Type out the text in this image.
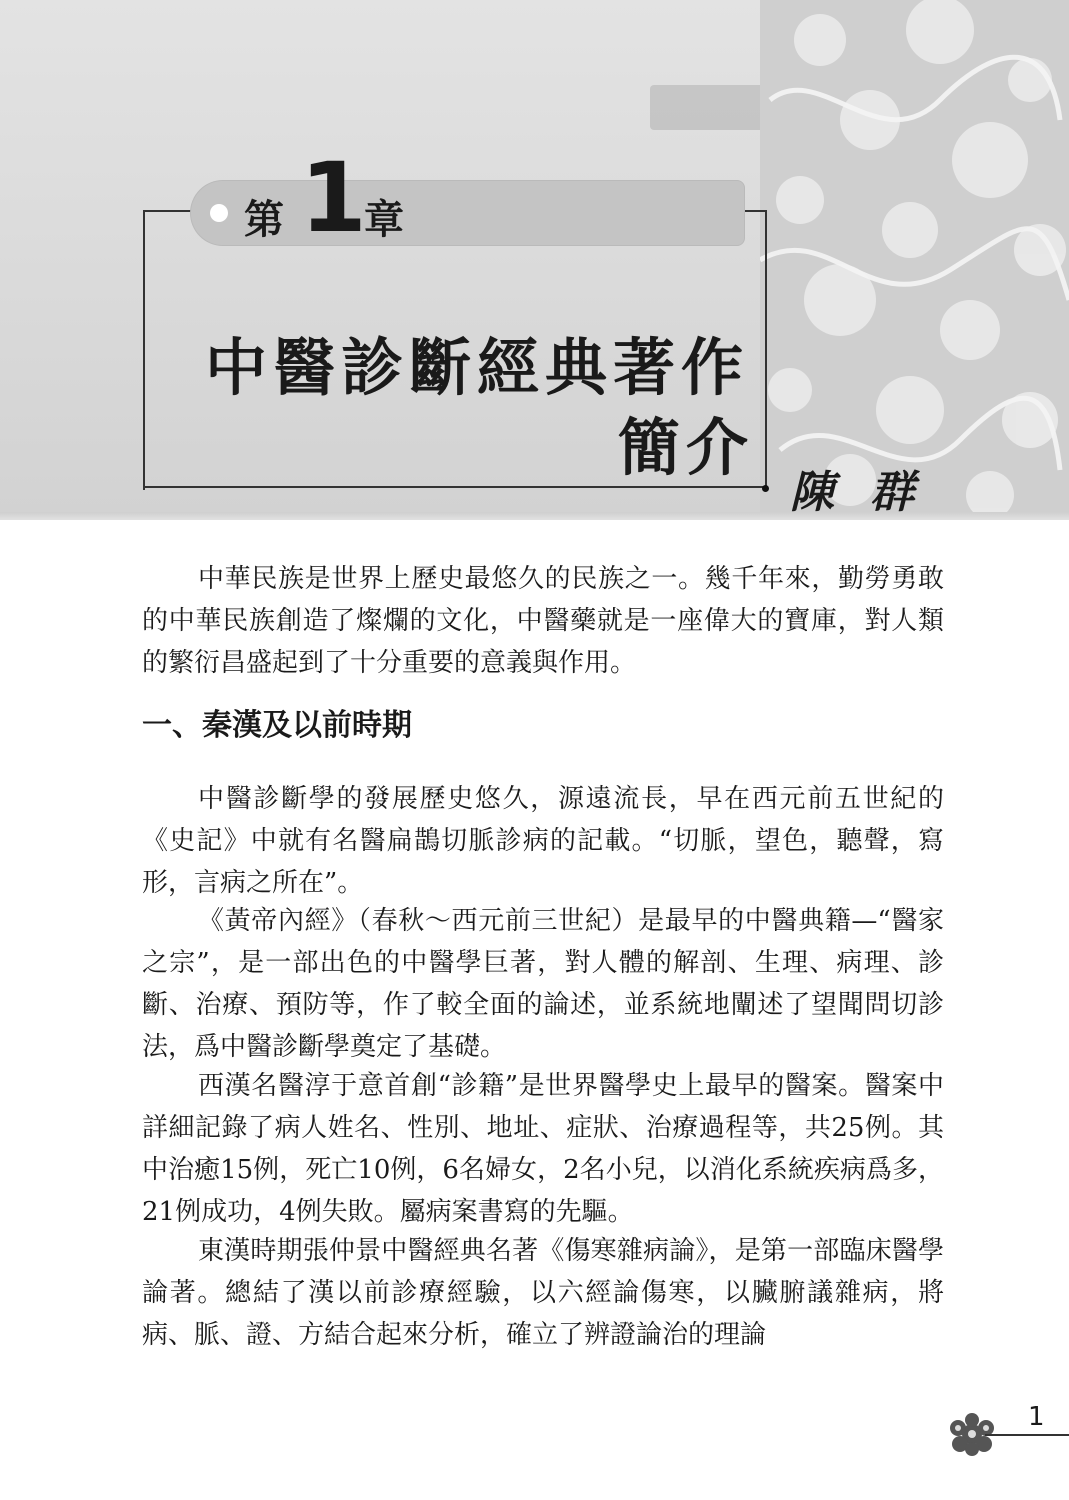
第 1
章
中醫診斷經典著作
簡介
陳群

中華民族是世界上歷史最悠久的民族之一。幾千年來，勤勞勇敢的中華民族創造了燦爛的文化，中醫藥就是一座偉大的寶庫，對人類的繁衍昌盛起到了十分重要的意義與作用。

一、秦漢及以前時期

中醫診斷學的發展歷史悠久，源遠流長，早在西元前五世紀的《史記》中就有名醫扁鵲切脈診病的記載。“切脈，望色，聽聲，寫形，言病之所在”。

《黃帝內經》（春秋～西元前三世紀）是最早的中醫典籍—“醫家之宗”，是一部出色的中醫學巨著，對人體的解剖、生理、病理、診斷、治療、預防等，作了較全面的論述，並系統地闡述了望聞問切診法，爲中醫診斷學奠定了基礎。

西漢名醫淳于意首創“診籍”是世界醫學史上最早的醫案。醫案中詳細記錄了病人姓名、性別、地址、症狀、治療過程等，共25例。其中治癒15例，死亡10例，6名婦女，2名小兒，以消化系統疾病爲多，21例成功，4例失敗。屬病案書寫的先驅。

東漢時期張仲景中醫經典名著《傷寒雜病論》，是第一部臨床醫學論著。總結了漢以前診療經驗，以六經論傷寒，以臟腑議雜病，將病、脈、證、方結合起來分析，確立了辨證論治的理論

1
